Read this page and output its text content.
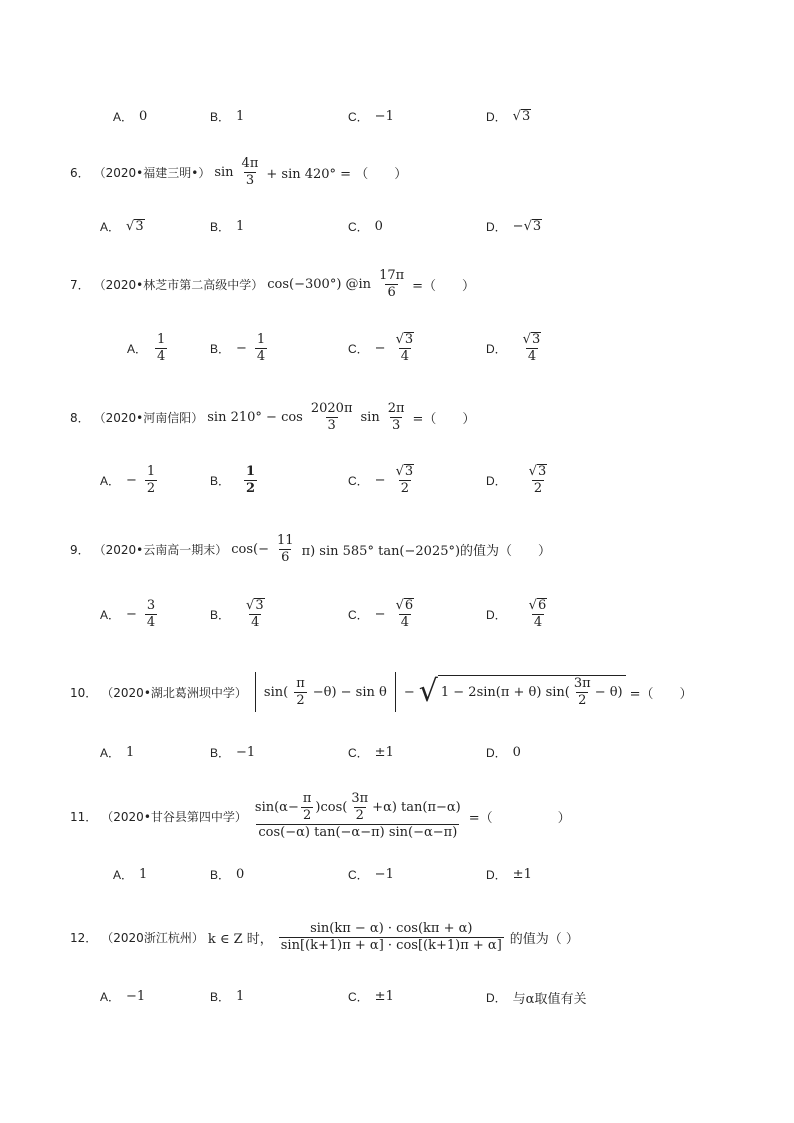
A． 0	B． 1	C． −1	D． √ 3
6． （2020•福建三明•） $\sin \frac{4\pi}{3} + \sin 420^\circ$ = （　　）
A． √ 3	B． 1	C． 0	D． − √ 3
7． （2020•林芝市第二高级中学） cos(−300°) @in $\frac{17\pi}{6}$ =（　　）
A． $\frac{1}{4}$	B． − $\frac{1}{4}$	C． − $\frac{√ 3}{4}$	D． $\frac{√ 3}{4}$
8． （2020•河南信阳） $\sin 210^\circ - \cos \frac{2020\pi}{3}$ $\sin \frac{2\pi}{3}$ =（　　）
A． − $\frac{1}{2}$	B． $\frac{1}{2}$	C． − $\frac{√ 3}{2}$	D． $\frac{√ 3}{2}$
9． （2020•云南高一期末） $\cos(- \frac{11}{6} \pi)$ sin 585° tan(−2025°)的值为（　　）
A． − $\frac{3}{4}$	B． $\frac{√ 3}{4}$	C． − $\frac{√ 6}{4}$	D． $\frac{√ 6}{4}$
10． （2020•湖北葛洲坝中学） $\sin( \frac{\pi}{2} -\theta) - \sin \theta$ − √ 1 − 2sin(π + θ) $\sin( \frac{3\pi}{2} - \theta)$ =（　　）
A． 1	B． −1	C． ±1	D． 0
11． （2020•甘谷县第四中学） $\frac{\sin(\alpha- \frac{\pi}{2} )\cos( \frac{3\pi}{2} +\alpha) \tan(\pi-\alpha)}{\cos(-\alpha) \tan(-\alpha-\pi) \sin(-\alpha-\pi)}$ =（　　　　　）
A． 1	B． 0	C． −1	D． ±1
12． （2020浙江杭州） k ∈ Z 时， $\frac{\sin(k\pi - \alpha) \cdot \cos(k\pi + \alpha)}{\sin[(k+1)\pi + \alpha] \cdot \cos[(k+1)\pi + \alpha]}$ 的值为（ ）
A． −1	B． 1	C． ±1	D． 与α取值有关
